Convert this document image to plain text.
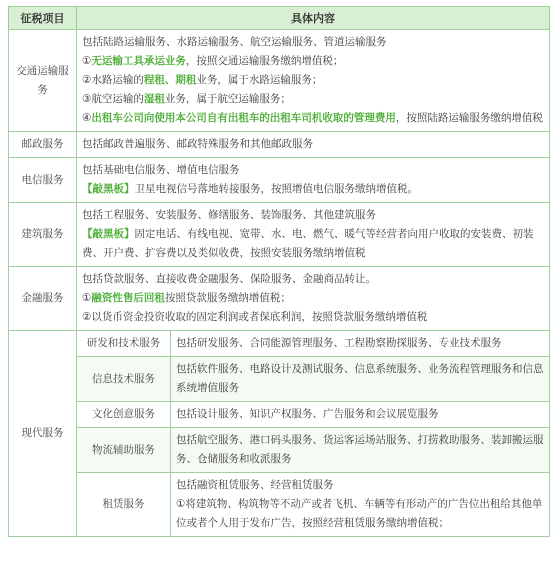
征税项目	具体内容	
交通运输服务	包括陆路运输服务、水路运输服务、航空运输服务、管道运输服务
①无运输工具承运业务，按照交通运输服务缴纳增值税；
②水路运输的程租、期租业务，属于水路运输服务；
③航空运输的湿租业务，属于航空运输服务；
④出租车公司向使用本公司自有出租车的出租车司机收取的管理费用，按照陆路运输服务缴纳增值税	

邮政服务	包括邮政普遍服务、邮政特殊服务和其他邮政服务	
电信服务	包括基础电信服务、增值电信服务
【敲黑板】卫星电视信号落地转接服务，按照增值电信服务缴纳增值税。	

建筑服务	包括工程服务、安装服务、修缮服务、装饰服务、其他建筑服务
【敲黑板】固定电话、有线电视、宽带、水、电、燃气、暖气等经营者向用户收取的安装费、初装费、开户费、扩容费以及类似收费，按照安装服务缴纳增值税	

金融服务	包括贷款服务、直接收费金融服务、保险服务、金融商品转让。
①融资性售后回租按照贷款服务缴纳增值税；
②以货币资金投资收取的固定利润或者保底利润，按照贷款服务缴纳增值税	

现代服务	研发和技术服务	包括研发服务、合同能源管理服务、工程勘察勘探服务、专业技术服务
	信息技术服务	包括软件服务、电路设计及测试服务、信息系统服务、业务流程管理服务和信息系统增值服务
	文化创意服务	包括设计服务、知识产权服务、广告服务和会议展览服务
	物流辅助服务	包括航空服务、港口码头服务、货运客运场站服务、打捞救助服务、装卸搬运服务、仓储服务和收派服务
	租赁服务	包括融资租赁服务、经营租赁服务
①将建筑物、构筑物等不动产或者飞机、车辆等有形动产的广告位出租给其他单位或者个人用于发布广告，按照经营租赁服务缴纳增值税；
